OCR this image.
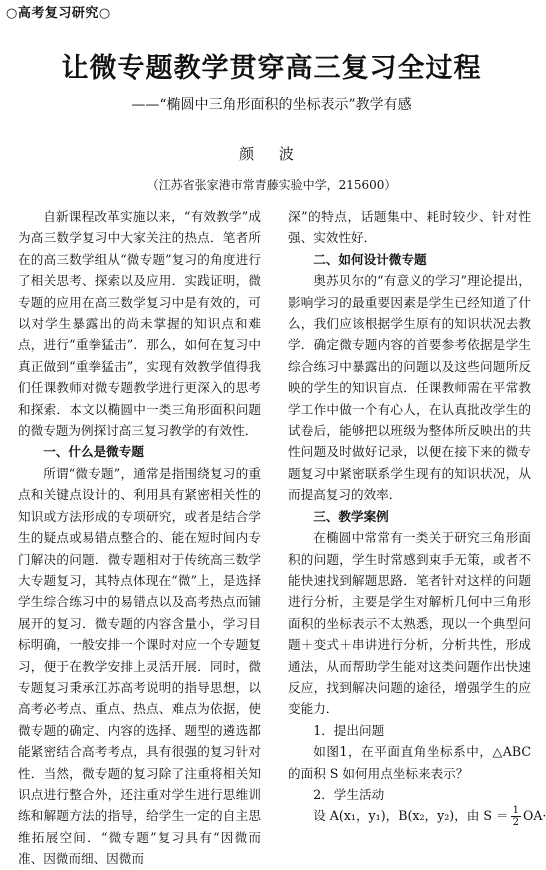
○高考复习研究○
让微专题教学贯穿高三复习全过程
——“椭圆中三角形面积的坐标表示”教学有感
颜 波
（江苏省张家港市常青藤实验中学，215600）

自新课程改革实施以来，“有效教学”成为高三数学复习中大家关注的热点．笔者所在的高三数学组从“微专题”复习的角度进行了相关思考、探索以及应用．实践证明，微专题的应用在高三数学复习中是有效的，可以对学生暴露出的尚未掌握的知识点和难点，进行“重拳猛击”．那么，如何在复习中真正做到“重拳猛击”，实现有效教学值得我们任课教师对微专题教学进行更深入的思考和探索．本文以椭圆中一类三角形面积问题的微专题为例探讨高三复习教学的有效性．

一、什么是微专题

所谓“微专题”，通常是指围绕复习的重点和关键点设计的、利用具有紧密相关性的知识或方法形成的专项研究，或者是结合学生的疑点或易错点整合的、能在短时间内专门解决的问题．微专题相对于传统高三数学大专题复习，其特点体现在“微”上，是选择学生综合练习中的易错点以及高考热点而铺展开的复习．微专题的内容含量小，学习目标明确，一般安排一个课时对应一个专题复习，便于在教学安排上灵活开展．同时，微专题复习秉承江苏高考说明的指导思想，以高考必考点、重点、热点、难点为依据，使微专题的确定、内容的选择、题型的遴选都能紧密结合高考考点，具有很强的复习针对性．当然，微专题的复习除了注重将相关知识点进行整合外，还注重对学生进行思维训练和解题方法的指导，给学生一定的自主思维拓展空间．“微专题”复习具有“因微而准、因微而细、因微而

深”的特点，话题集中、耗时较少、针对性强、实效性好．

二、如何设计微专题

奥苏贝尔的“有意义的学习”理论提出，影响学习的最重要因素是学生已经知道了什么，我们应该根据学生原有的知识状况去教学．确定微专题内容的首要参考依据是学生综合练习中暴露出的问题以及这些问题所反映的学生的知识盲点．任课教师需在平常教学工作中做一个有心人，在认真批改学生的试卷后，能够把以班级为整体所反映出的共性问题及时做好记录，以便在接下来的微专题复习中紧密联系学生现有的知识状况，从而提高复习的效率．

三、教学案例

在椭圆中常常有一类关于研究三角形面积的问题，学生时常感到束手无策，或者不能快速找到解题思路．笔者针对这样的问题进行分析，主要是学生对解析几何中三角形面积的坐标表示不太熟悉，现以一个典型问题＋变式＋串讲进行分析，分析共性，形成通法，从而帮助学生能对这类问题作出快速反应，找到解决问题的途径，增强学生的应变能力．

1．提出问题

如图1，在平面直角坐标系中，△ABC 的面积 S 如何用点坐标来表示？

2．学生活动

设 A(x₁，y₁)，B(x₂，y₂)，由 $S = \frac{1}{2} OA\cdot$
